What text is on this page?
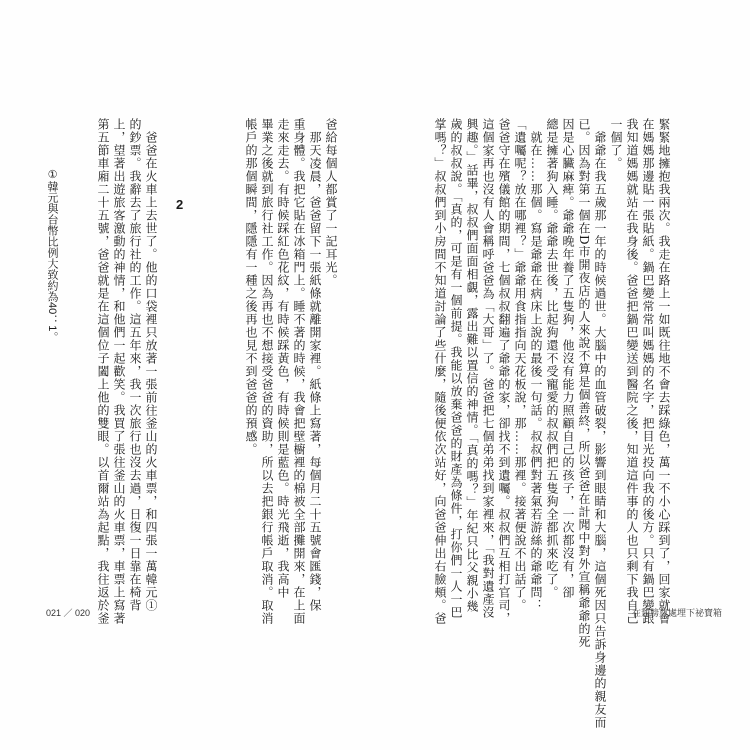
緊緊地擁抱我兩次。我走在路上一如既往地不會去踩綠色，萬一不小心踩到了，回家就會
在媽媽那邊貼一張貼紙。鍋巴變常常叫媽媽的名字，把目光投向我的後方。只有鍋巴變跟
我知道媽媽就站在我身後。爸爸把鍋巴變送到醫院之後，知道這件事的人也只剩下我自己
一個了。
　爺爺在我五歲那一年的時候過世。大腦中的血管破裂，影響到眼睛和大腦，這個死因只告訴身邊的親友而
已。因為對第一個在D市開夜店的人來說不算是個善終，所以爸爸在計聞中對外宣稱爺爺的死
因是心臟麻痺。爺爺晚年養了五隻狗，他沒有能力照顧自己的孩子，一次都沒有，卻
總是擁著狗入睡。爺爺去世後，比起狗還不受寵愛的叔叔們把五隻狗全都抓來吃了。
　就在……那個。寫是爺爺在病床上說的最後一句話。叔叔們對著氣若游絲的爺爺問：
「遺囑呢？放在哪裡？」爺爺用食指指向天花板說，那……那裡。接著便說不出話了。
爸爸守在殯儀館的期間，七個叔叔翻遍了爺爺的家，卻找不到遺囑。叔叔們互相打官司，
這個家再也沒有人會稱呼爸爸為「大哥」了。爸爸把七個弟弟找到家裡來，「我對遺產沒
興趣。」話畢，叔叔們面面相覷，露出難以置信的神情。「真的嗎？」年紀只比父親小幾
歲的叔叔說。「真的，可是有一個前提。我能以放棄爸爸的財產為條件，打你們一人一巴
掌嗎？」叔叔們到小房間不知道討論了些什麼，隨後便依次站好，向爸爸伸出右臉頰。爸
爸給每個人都賞了一記耳光。
　那天凌晨，爸爸留下一張紙條就離開家裡。紙條上寫著，每個月二十五號會匯錢，保
重身體。我把它貼在冰箱門上。睡不著的時候，我會把壁櫥裡的棉被全部攤開來，在上面
走來走去。有時候踩紅色花紋，有時候踩黃色，有時候則是藍色。時光飛逝，我高中
畢業之後就到旅行社工作。因為再也不想接受爸爸的資助，所以去把銀行帳戶取消。取消
帳戶的那個瞬間，隱隱有一種之後再也見不到爸爸的預感。
2
　爸爸在火車上去世了。他的口袋裡只放著一張前往釜山的火車票，和四張一萬韓元①
的鈔票。我辭去了旅行社的工作。這五年來，我一次旅行也沒去過，日復一日靠在椅背
上，望著出遊旅客激動的神情，和他們一起歡笑。我買了張往釜山的火車票，車票上寫著
第五節車廂二十五號，爸爸就是在這個位子闔上他的雙眼。以首爾站為起點，我往返於釜
①韓元與台幣比例大致約為40：1。
021 ／ 020	在翅膀尊處埋下祕寶箱
